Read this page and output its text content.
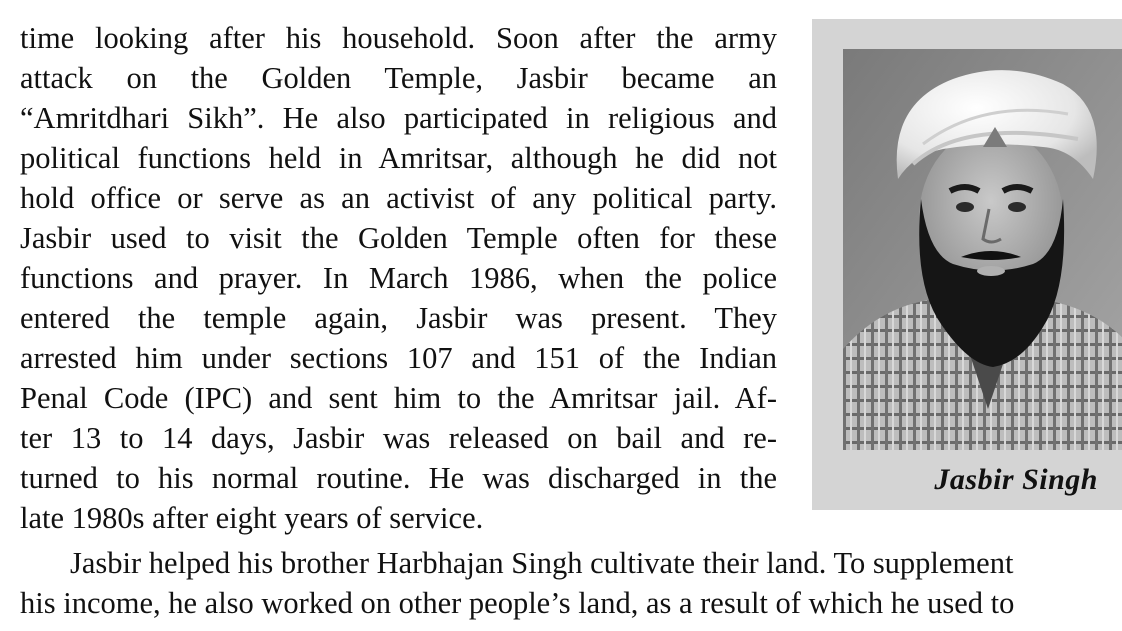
time looking after his household. Soon after the army
attack on the Golden Temple, Jasbir became an
“Amritdhari Sikh”. He also participated in religious and
political functions held in Amritsar, although he did not
hold office or serve as an activist of any political party.
Jasbir used to visit the Golden Temple often for these
functions and prayer. In March 1986, when the police
entered the temple again, Jasbir was present. They
arrested him under sections 107 and 151 of the Indian
Penal Code (IPC) and sent him to the Amritsar jail. Af-
ter 13 to 14 days, Jasbir was released on bail and re-
turned to his normal routine. He was discharged in the
late 1980s after eight years of service.
Jasbir helped his brother Harbhajan Singh cultivate their land. To supplement
his income, he also worked on other people’s land, as a result of which he used to
Jasbir Singh
